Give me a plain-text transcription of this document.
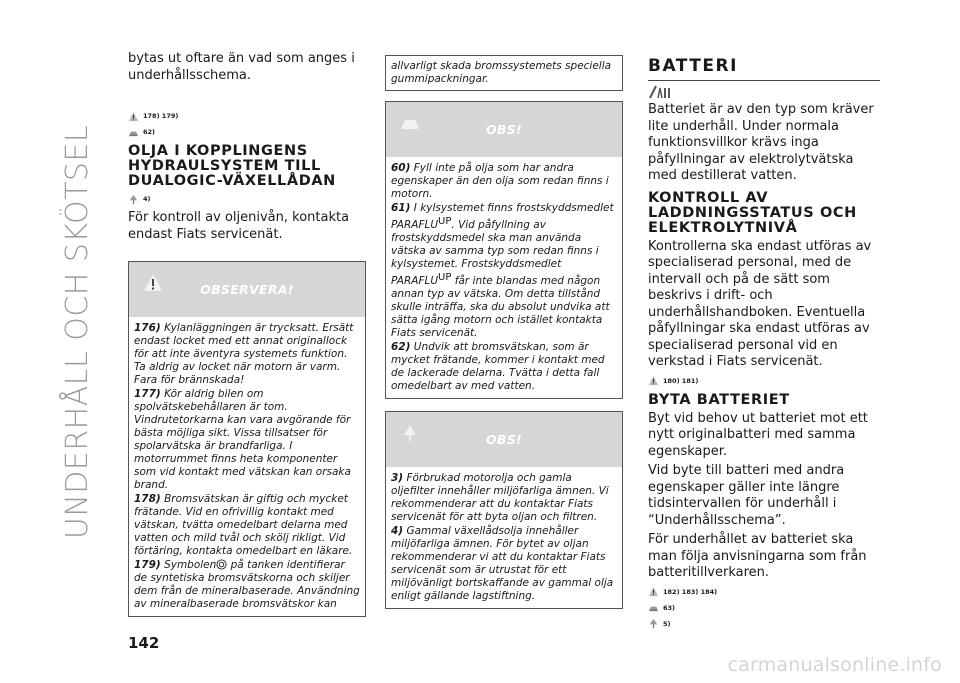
UNDERHÅLL OCH SKÖTSEL
bytas ut oftare än vad som anges i underhållsschema.
178) 179)
62)
OLJA I KOPPLINGENS HYDRAULSYSTEM TILL DUALOGIC-VÄXELLÅDAN
4)
För kontroll av oljenivån, kontakta endast Fiats servicenät.
OBSERVERA!
176) Kylanläggningen är trycksatt. Ersätt endast locket med ett annat originallock för att inte äventyra systemets funktion. Ta aldrig av locket när motorn är varm. Fara för brännskada!
177) Kör aldrig bilen om spolvätskebehållaren är tom. Vindrutetorkarna kan vara avgörande för bästa möjliga sikt. Vissa tillsatser för spolarvätska är brandfarliga. I motorrummet finns heta komponenter som vid kontakt med vätskan kan orsaka brand.
178) Bromsvätskan är giftig och mycket frätande. Vid en ofrivillig kontakt med vätskan, tvätta omedelbart delarna med vatten och mild tvål och skölj rikligt. Vid förtäring, kontakta omedelbart en läkare.
179) Symbolen på tanken identifierar de syntetiska bromsvätskorna och skiljer dem från de mineralbaserade. Användning av mineralbaserade bromsvätskor kan
allvarligt skada bromssystemets speciella gummipackningar.
OBS!
60) Fyll inte på olja som har andra egenskaper än den olja som redan finns i motorn.
61) I kylsystemet finns frostskyddsmedlet PARAFLUUP. Vid påfyllning av frostskyddsmedel ska man använda vätska av samma typ som redan finns i kylsystemet. Frostskyddsmedlet PARAFLUUP får inte blandas med någon annan typ av vätska. Om detta tillstånd skulle inträffa, ska du absolut undvika att sätta igång motorn och istället kontakta Fiats servicenät.
62) Undvik att bromsvätskan, som är mycket frätande, kommer i kontakt med de lackerade delarna. Tvätta i detta fall omedelbart av med vatten.
OBS!
3) Förbrukad motorolja och gamla oljefilter innehåller miljöfarliga ämnen. Vi rekommenderar att du kontaktar Fiats servicenät för att byta oljan och filtren.
4) Gammal växellådsolja innehåller miljöfarliga ämnen. För bytet av oljan rekommenderar vi att du kontaktar Fiats servicenät som är utrustat för ett miljövänligt bortskaffande av gammal olja enligt gällande lagstiftning.
BATTERI
Batteriet är av den typ som kräver lite underhåll. Under normala funktionsvillkor krävs inga påfyllningar av elektrolytvätska med destillerat vatten.
KONTROLL AV LADDNINGSSTATUS OCH ELEKTROLYTNIVÅ
Kontrollerna ska endast utföras av specialiserad personal, med de intervall och på de sätt som beskrivs i drift- och underhållshandboken. Eventuella påfyllningar ska endast utföras av specialiserad personal vid en verkstad i Fiats servicenät.
180) 181)
BYTA BATTERIET
Byt vid behov ut batteriet mot ett nytt originalbatteri med samma egenskaper.
Vid byte till batteri med andra egenskaper gäller inte längre tidsintervallen för underhåll i “Underhållsschema”.
För underhållet av batteriet ska man följa anvisningarna som från batteritillverkaren.
182) 183) 184)
63)
5)
142
carmanualsonline.info
